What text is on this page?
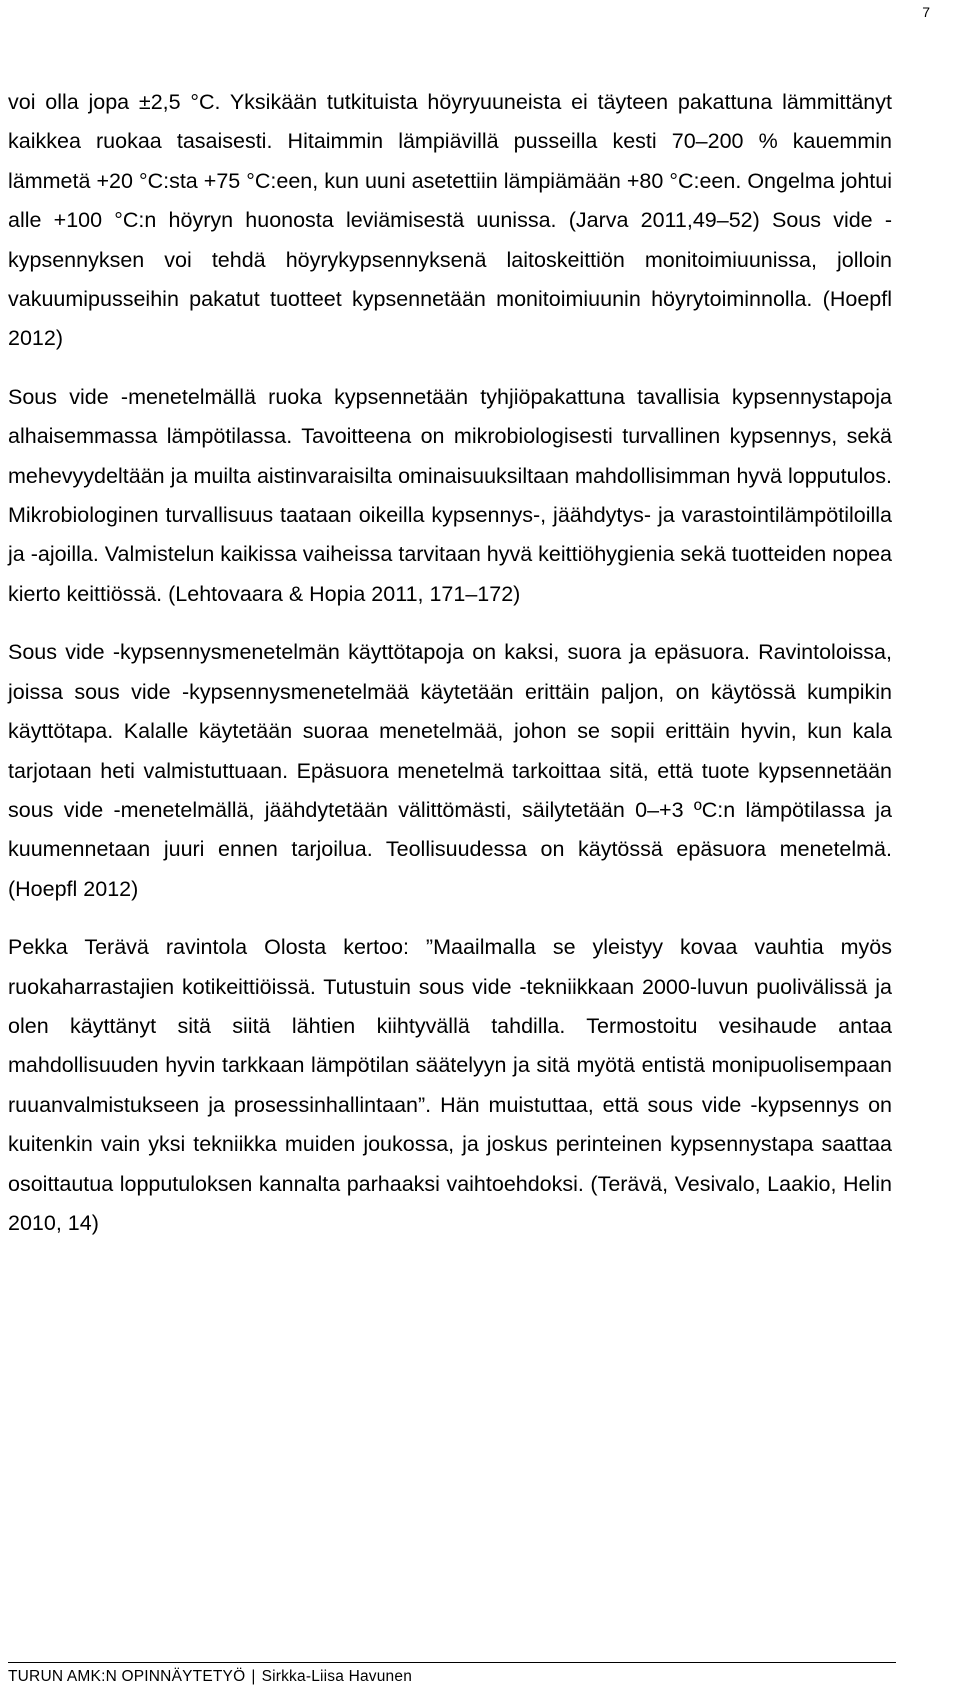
7

voi olla jopa ±2,5 °C. Yksikään tutkituista höyryuuneista ei täyteen pakattuna lämmittänyt kaikkea ruokaa tasaisesti. Hitaimmin lämpiävillä pusseilla kesti 70–200 % kauemmin lämmetä +20 °C:sta +75 °C:een, kun uuni asetettiin lämpiämään +80 °C:een. Ongelma johtui alle +100 °C:n höyryn huonosta leviämisestä uunissa. (Jarva 2011,49–52) Sous vide -kypsennyksen voi tehdä höyrykypsennyksenä laitoskeittiön monitoimiuunissa, jolloin vakuumipusseihin pakatut tuotteet kypsennetään monitoimiuunin höyrytoiminnolla. (Hoepfl 2012)

Sous vide -menetelmällä ruoka kypsennetään tyhjiöpakattuna tavallisia kypsennystapoja alhaisemmassa lämpötilassa. Tavoitteena on mikrobiologisesti turvallinen kypsennys, sekä mehevyydeltään ja muilta aistinvaraisilta ominaisuuksiltaan mahdollisimman hyvä lopputulos. Mikrobiologinen turvallisuus taataan oikeilla kypsennys-, jäähdytys- ja varastointilämpötiloilla ja -ajoilla. Valmistelun kaikissa vaiheissa tarvitaan hyvä keittiöhygienia sekä tuotteiden nopea kierto keittiössä. (Lehtovaara & Hopia 2011, 171–172)

Sous vide -kypsennysmenetelmän käyttötapoja on kaksi, suora ja epäsuora. Ravintoloissa, joissa sous vide -kypsennysmenetelmää käytetään erittäin paljon, on käytössä kumpikin käyttötapa. Kalalle käytetään suoraa menetelmää, johon se sopii erittäin hyvin, kun kala tarjotaan heti valmistuttuaan. Epäsuora menetelmä tarkoittaa sitä, että tuote kypsennetään sous vide -menetelmällä, jäähdytetään välittömästi, säilytetään 0–+3 ºC:n lämpötilassa ja kuumennetaan juuri ennen tarjoilua. Teollisuudessa on käytössä epäsuora menetelmä. (Hoepfl 2012)

Pekka Terävä ravintola Olosta kertoo: ”Maailmalla se yleistyy kovaa vauhtia myös ruokaharrastajien kotikeittiöissä. Tutustuin sous vide -tekniikkaan 2000-luvun puolivälissä ja olen käyttänyt sitä siitä lähtien kiihtyvällä tahdilla. Termostoitu vesihaude antaa mahdollisuuden hyvin tarkkaan lämpötilan säätelyyn ja sitä myötä entistä monipuolisempaan ruuanvalmistukseen ja prosessinhallintaan”. Hän muistuttaa, että sous vide -kypsennys on kuitenkin vain yksi tekniikka muiden joukossa, ja joskus perinteinen kypsennystapa saattaa osoittautua lopputuloksen kannalta parhaaksi vaihtoehdoksi. (Terävä, Vesivalo, Laakio, Helin 2010, 14)

TURUN AMK:N OPINNÄYTETYÖ | Sirkka-Liisa Havunen
